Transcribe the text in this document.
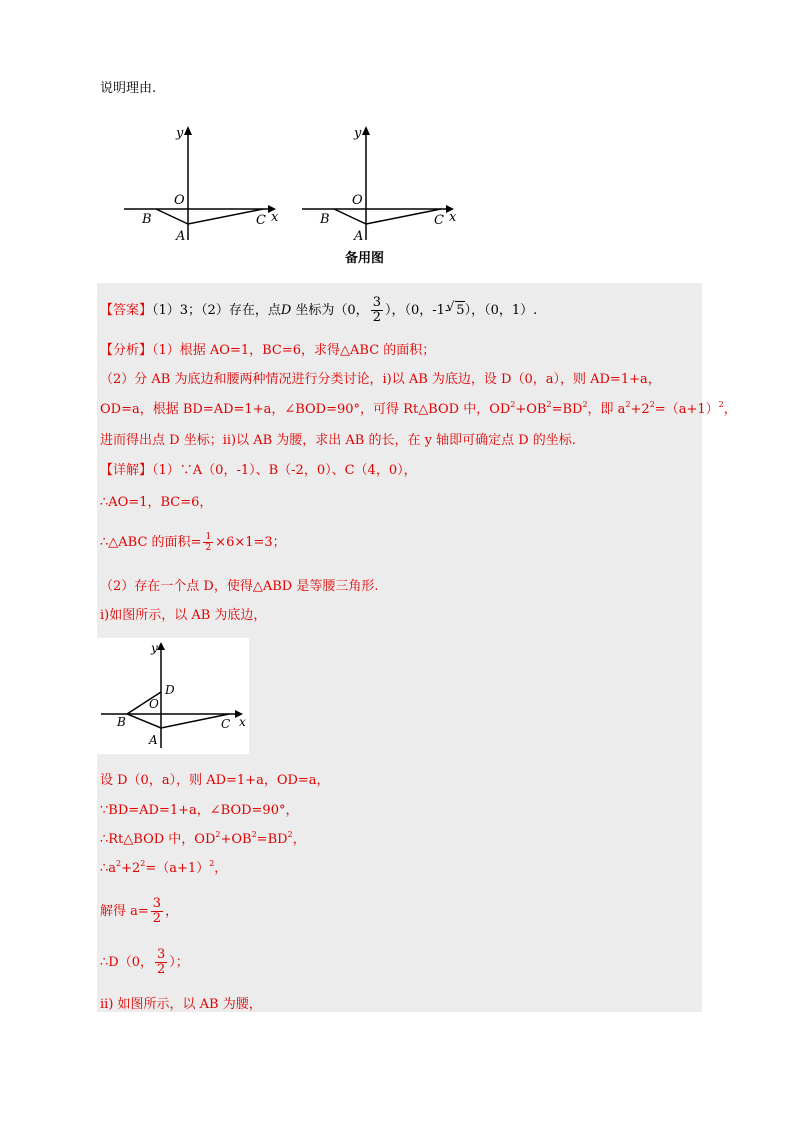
说明理由.
y
O
B
A
C x
y
O
B
A
C x
备用图
【答案】（1）3；（2）存在，点D 坐标为（0， $\frac{3}{2}$ ），（0，-1-√ 5），（0，1）.
【分析】（1）根据 AO=1，BC=6，求得△ABC 的面积；
（2）分 AB 为底边和腰两种情况进行分类讨论，i)以 AB 为底边，设 D（0，a），则 AD=1+a，
OD=a，根据 BD=AD=1+a，∠BOD=90°，可得 Rt△BOD 中，$OD^2+OB^2=BD^2$，即 $a^2+2^2=(a+1)^2$，
进而得出点 D 坐标；ii)以 AB 为腰，求出 AB 的长，在 y 轴即可确定点 D 的坐标.
【详解】（1）∵A（0，-1）、B（-2，0）、C（4，0），
∴AO=1，BC=6，
∴△ABC 的面积= $\frac{1}{2} \times 6\times 1=3$；
（2）存在一个点 D，使得△ABD 是等腰三角形.
i)如图所示，以 AB 为底边，
y
D
O
B
A
C x
设 D（0，a），则 AD=1+a，OD=a，
∵BD=AD=1+a，∠BOD=90°，
∴Rt△BOD 中，$OD^2+OB^2=BD^2$，
$\therefore a^2+2^2=(a+1)^2$，
解得 $a= \frac{3}{2}$ ，
∴D（0， $\frac{3}{2}$ ）；
ii) 如图所示，以 AB 为腰，
